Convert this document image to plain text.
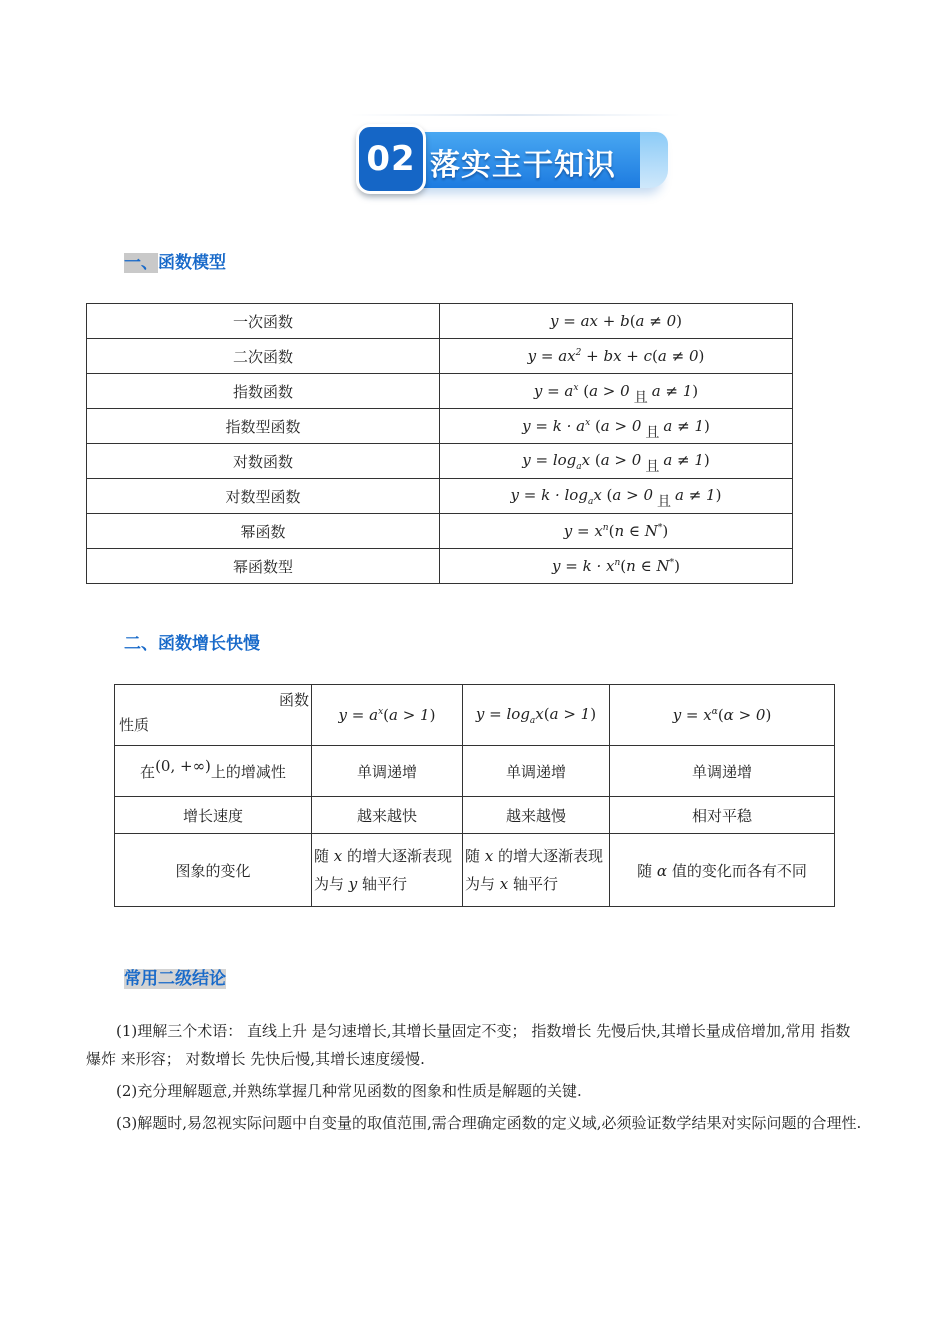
02 落实主干知识
一、函数模型
一次函数	y = ax + b(a ≠ 0)
二次函数	$y = ax^2$ + bx + c(a ≠ 0)
指数函数	$y = a^x$ (a > 0 且 a ≠ 1)
指数型函数	$y = k \cdot a^x$ (a > 0 且 a ≠ 1)
对数函数	$y = \log_ax$ (a > 0 且 a ≠ 1)
对数型函数	$y = k \cdot \log_ax$ (a > 0 且 a ≠ 1)
幂函数	$y = x^n(n$ ∈ N*)
幂函数型	$y = k \cdot x^n(n$ ∈ N*)
二、函数增长快慢
函数
性质	$y = a^x(a > 1)$	$y = \log_ax(a > 1)$	$y = x^\alpha(\alpha > 0)$
在(0, +∞)上的增减性	单调递增	单调递增	单调递增
增长速度	越来越快	越来越慢	相对平稳
图象的变化	随 x 的增大逐渐表现为与 y 轴平行	随 x 的增大逐渐表现为与 x 轴平行	随 α 值的变化而各有不同
常用二级结论
(1)理解三个术语： 直线上升 是匀速增长,其增长量固定不变； 指数增长 先慢后快,其增长量成倍增加,常用 指数爆炸 来形容； 对数增长 先快后慢,其增长速度缓慢.
(2)充分理解题意,并熟练掌握几种常见函数的图象和性质是解题的关键.
(3)解题时,易忽视实际问题中自变量的取值范围,需合理确定函数的定义域,必须验证数学结果对实际问题的合理性.
